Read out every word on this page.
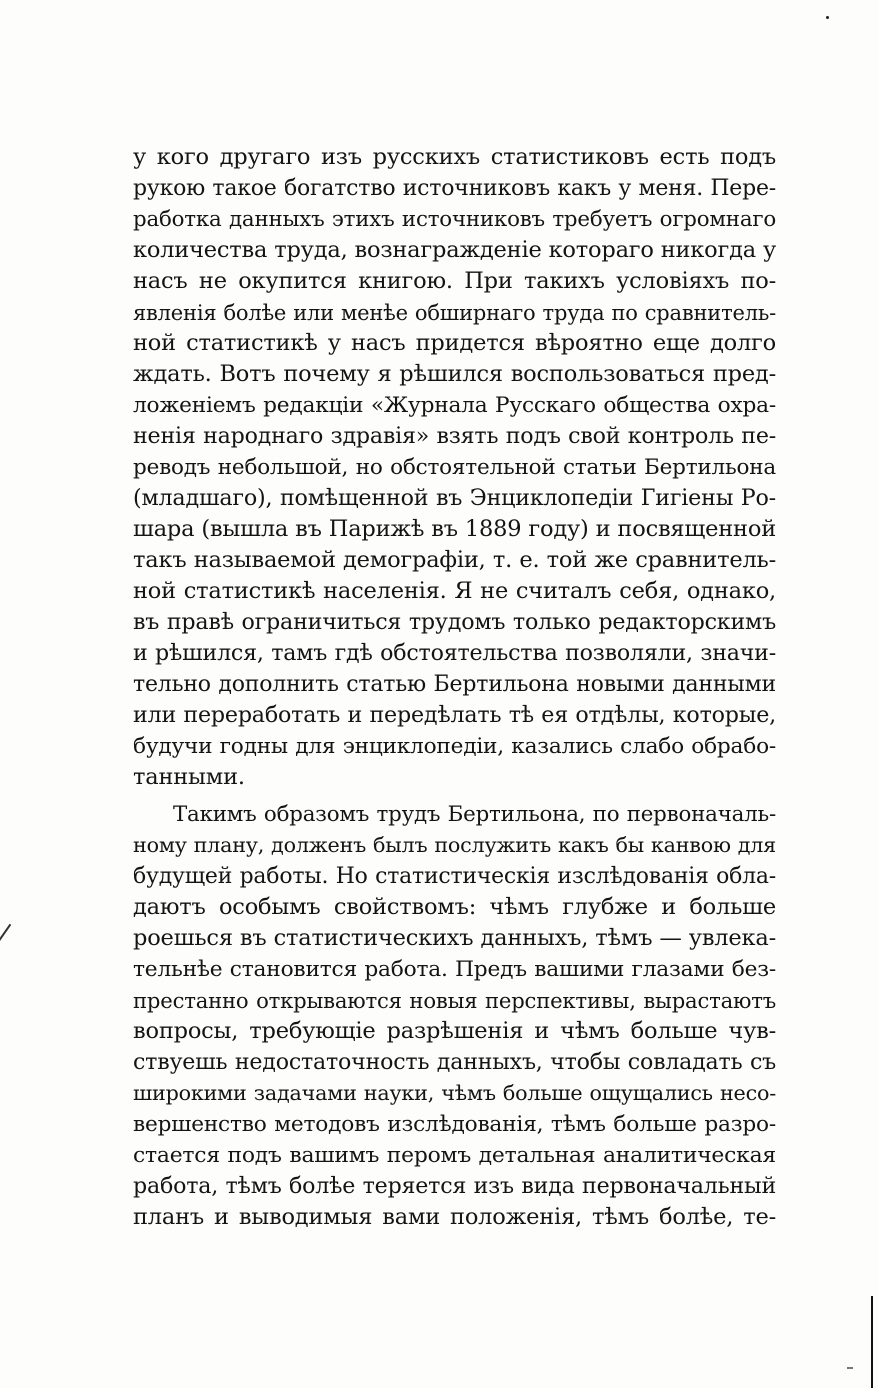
у кого другаго изъ русскихъ статистиковъ есть подъ
рукою такое богатство источниковъ какъ у меня. Пере-
работка данныхъ этихъ источниковъ требуетъ огромнаго
количества труда, вознагражденіе котораго никогда у
насъ не окупится книгою. При такихъ условіяхъ по-
явленія болѣе или менѣе обширнаго труда по сравнитель-
ной статистикѣ у насъ придется вѣроятно еще долго
ждать. Вотъ почему я рѣшился воспользоваться пред-
ложеніемъ редакціи «Журнала Русскаго общества охра-
ненія народнаго здравія» взять подъ свой контроль пе-
реводъ небольшой, но обстоятельной статьи Бертильона
(младшаго), помѣщенной въ Энциклопедіи Гигіены Ро-
шара (вышла въ Парижѣ въ 1889 году) и посвященной
такъ называемой демографіи, т. е. той же сравнитель-
ной статистикѣ населенія. Я не считалъ себя, однако,
въ правѣ ограничиться трудомъ только редакторскимъ
и рѣшился, тамъ гдѣ обстоятельства позволяли, значи-
тельно дополнить статью Бертильона новыми данными
или переработать и передѣлать тѣ ея отдѣлы, которые,
будучи годны для энциклопедіи, казались слабо обрабо-
танными.
Такимъ образомъ трудъ Бертильона, по первоначаль-
ному плану, долженъ былъ послужить какъ бы канвою для
будущей работы. Но статистическія изслѣдованія обла-
даютъ особымъ свойствомъ: чѣмъ глубже и больше
роешься въ статистическихъ данныхъ, тѣмъ — увлека-
тельнѣе становится работа. Предъ вашими глазами без-
престанно открываются новыя перспективы, вырастаютъ
вопросы, требующіе разрѣшенія и чѣмъ больше чув-
ствуешь недостаточность данныхъ, чтобы совладать съ
широкими задачами науки, чѣмъ больше ощущались несо-
вершенство методовъ изслѣдованія, тѣмъ больше разро-
стается подъ вашимъ перомъ детальная аналитическая
работа, тѣмъ болѣе теряется изъ вида первоначальный
планъ и выводимыя вами положенія, тѣмъ болѣе, те-
